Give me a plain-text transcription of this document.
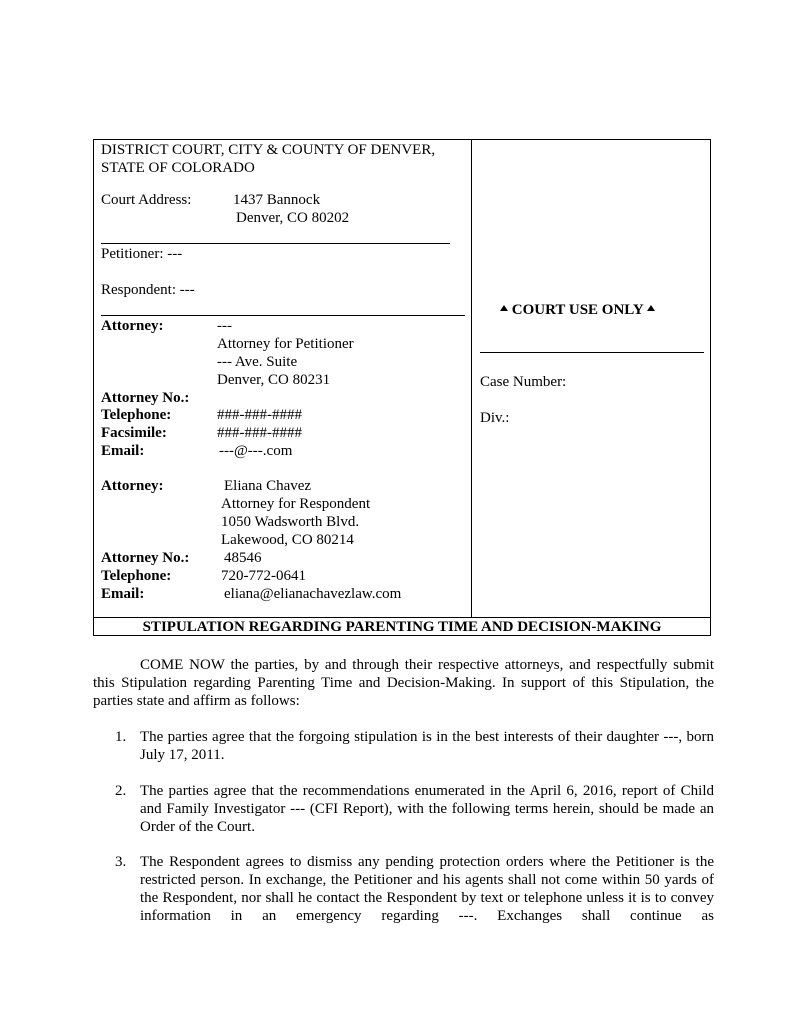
DISTRICT COURT, CITY & COUNTY OF DENVER,
STATE OF COLORADO
Court Address:	1437 Bannock
Denver, CO 80202
Petitioner: ---
Respondent: ---
Attorney:	---
Attorney for Petitioner
--- Ave. Suite
Denver, CO 80231
Attorney No.:
Telephone:	###-###-####
Facsimile:	###-###-####
Email:	---@---.com
Attorney:	Eliana Chavez
Attorney for Respondent
1050 Wadsworth Blvd.
Lakewood, CO 80214
Attorney No.: 48546
Telephone:	720-772-0641
Email:	eliana@elianachavezlaw.com
COURT USE ONLY
Case Number:
Div.:
STIPULATION REGARDING PARENTING TIME AND DECISION-MAKING
COME NOW the parties, by and through their respective attorneys, and respectfully submit this Stipulation regarding Parenting Time and Decision-Making. In support of this Stipulation, the parties state and affirm as follows:
1. The parties agree that the forgoing stipulation is in the best interests of their daughter ---, born July 17, 2011.
2. The parties agree that the recommendations enumerated in the April 6, 2016, report of Child and Family Investigator --- (CFI Report), with the following terms herein, should be made an Order of the Court.
3. The Respondent agrees to dismiss any pending protection orders where the Petitioner is the restricted person. In exchange, the Petitioner and his agents shall not come within 50 yards of the Respondent, nor shall he contact the Respondent by text or telephone unless it is to convey information in an emergency regarding ---. Exchanges shall continue as
